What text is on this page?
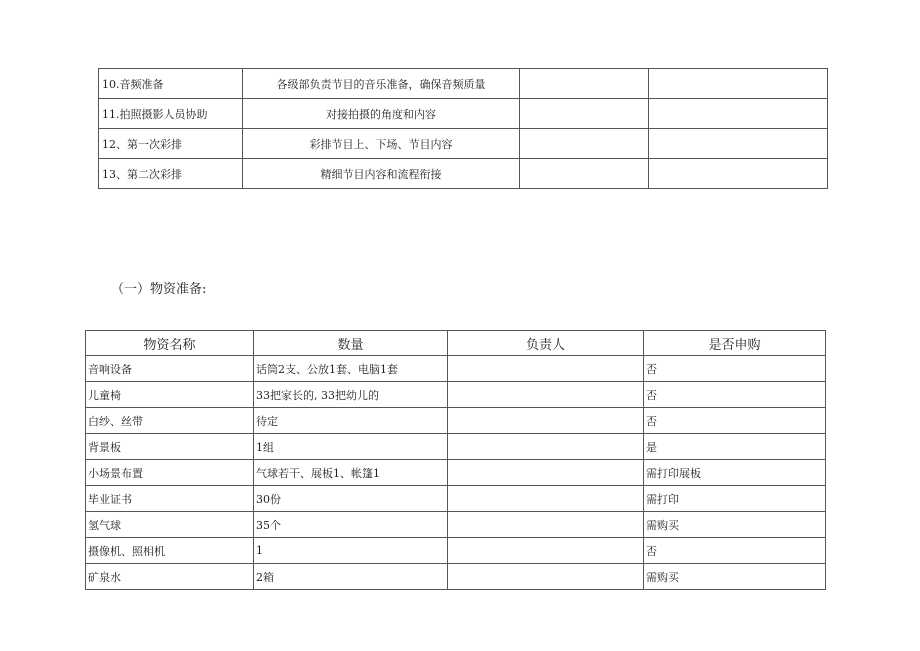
10.音频准备	各级部负责节目的音乐准备，确保音频质量		
11.拍照摄影人员协助	对接拍摄的角度和内容		
12、第一次彩排	彩排节目上、下场、节目内容		
13、第二次彩排	精细节目内容和流程衔接		
（一）物资准备:
物资名称	数量	负责人	是否申购
音响设备	话筒2支、公放1套、电脑1套		否
儿童椅	33把家长的, 33把幼儿的		否
白纱、丝带	待定		否
背景板	1组		是
小场景布置	气球若干、展板1、帐篷1		需打印展板
毕业证书	30份		需打印
氢气球	35个		需购买
摄像机、照相机	1		否
矿泉水	2箱		需购买
